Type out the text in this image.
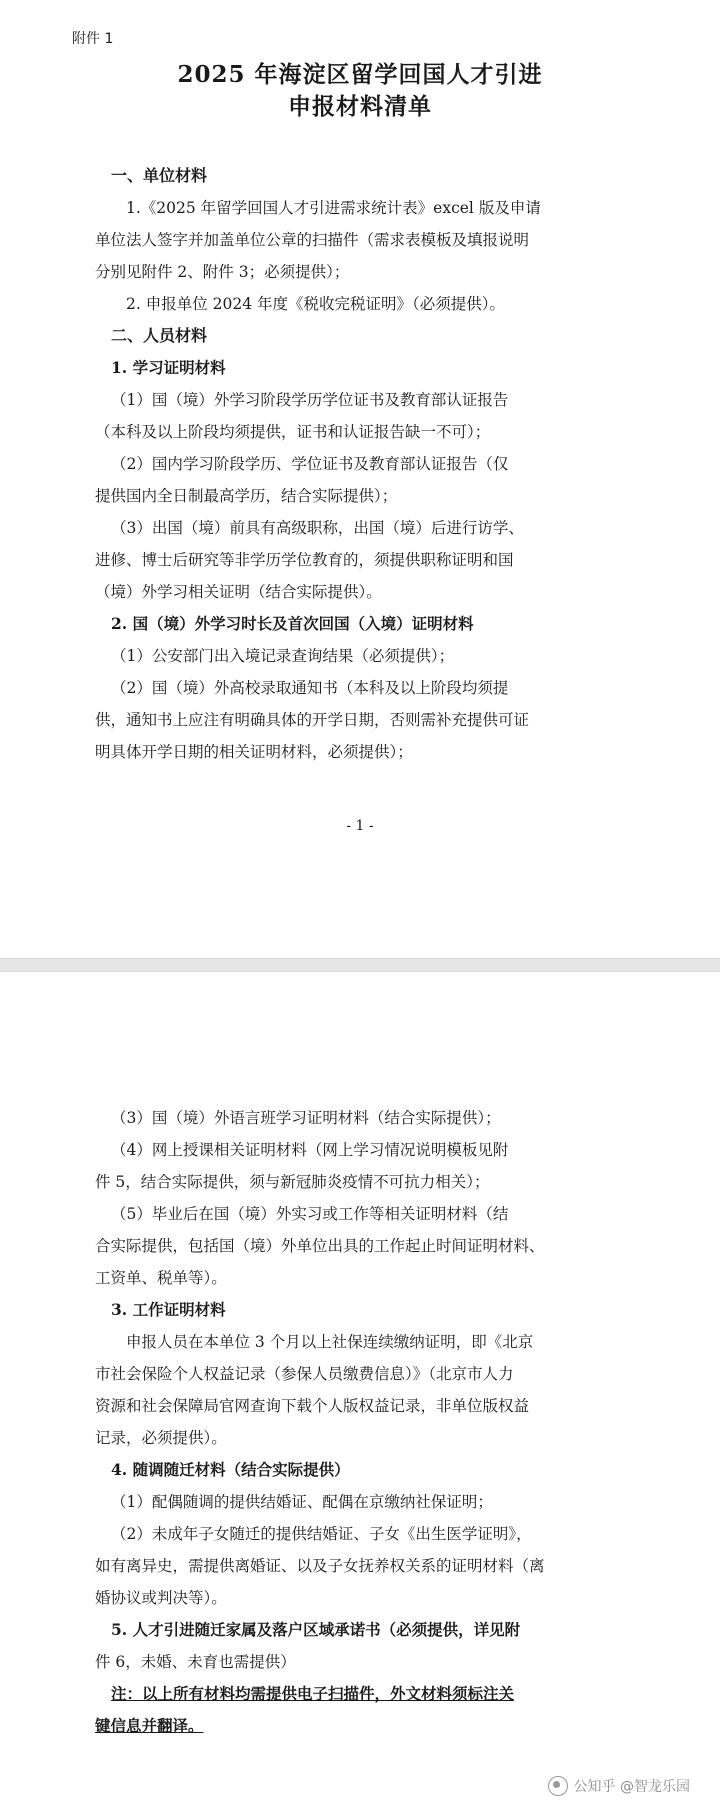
附件 1
2025 年海淀区留学回国人才引进
申报材料清单
一、单位材料
1.《2025 年留学回国人才引进需求统计表》excel 版及申请
单位法人签字并加盖单位公章的扫描件（需求表模板及填报说明
分别见附件 2、附件 3；必须提供）；
2. 申报单位 2024 年度《税收完税证明》（必须提供）。
二、人员材料
1. 学习证明材料
（1）国（境）外学习阶段学历学位证书及教育部认证报告
（本科及以上阶段均须提供，证书和认证报告缺一不可）；
（2）国内学习阶段学历、学位证书及教育部认证报告（仅
提供国内全日制最高学历，结合实际提供）；
（3）出国（境）前具有高级职称，出国（境）后进行访学、
进修、博士后研究等非学历学位教育的，须提供职称证明和国
（境）外学习相关证明（结合实际提供）。
2. 国（境）外学习时长及首次回国（入境）证明材料
（1）公安部门出入境记录查询结果（必须提供）；
（2）国（境）外高校录取通知书（本科及以上阶段均须提
供，通知书上应注有明确具体的开学日期，否则需补充提供可证
明具体开学日期的相关证明材料，必须提供）；
- 1 -
（3）国（境）外语言班学习证明材料（结合实际提供）；
（4）网上授课相关证明材料（网上学习情况说明模板见附
件 5，结合实际提供，须与新冠肺炎疫情不可抗力相关）；
（5）毕业后在国（境）外实习或工作等相关证明材料（结
合实际提供，包括国（境）外单位出具的工作起止时间证明材料、
工资单、税单等）。
3. 工作证明材料
申报人员在本单位 3 个月以上社保连续缴纳证明，即《北京
市社会保险个人权益记录（参保人员缴费信息）》（北京市人力
资源和社会保障局官网查询下载个人版权益记录，非单位版权益
记录，必须提供）。
4. 随调随迁材料（结合实际提供）
（1）配偶随调的提供结婚证、配偶在京缴纳社保证明；
（2）未成年子女随迁的提供结婚证、子女《出生医学证明》，
如有离异史，需提供离婚证、以及子女抚养权关系的证明材料（离
婚协议或判决等）。
5. 人才引进随迁家属及落户区域承诺书（必须提供，详见附
件 6，未婚、未育也需提供）
注：以上所有材料均需提供电子扫描件，外文材料须标注关
键信息并翻译。
公知乎 @智龙乐园
